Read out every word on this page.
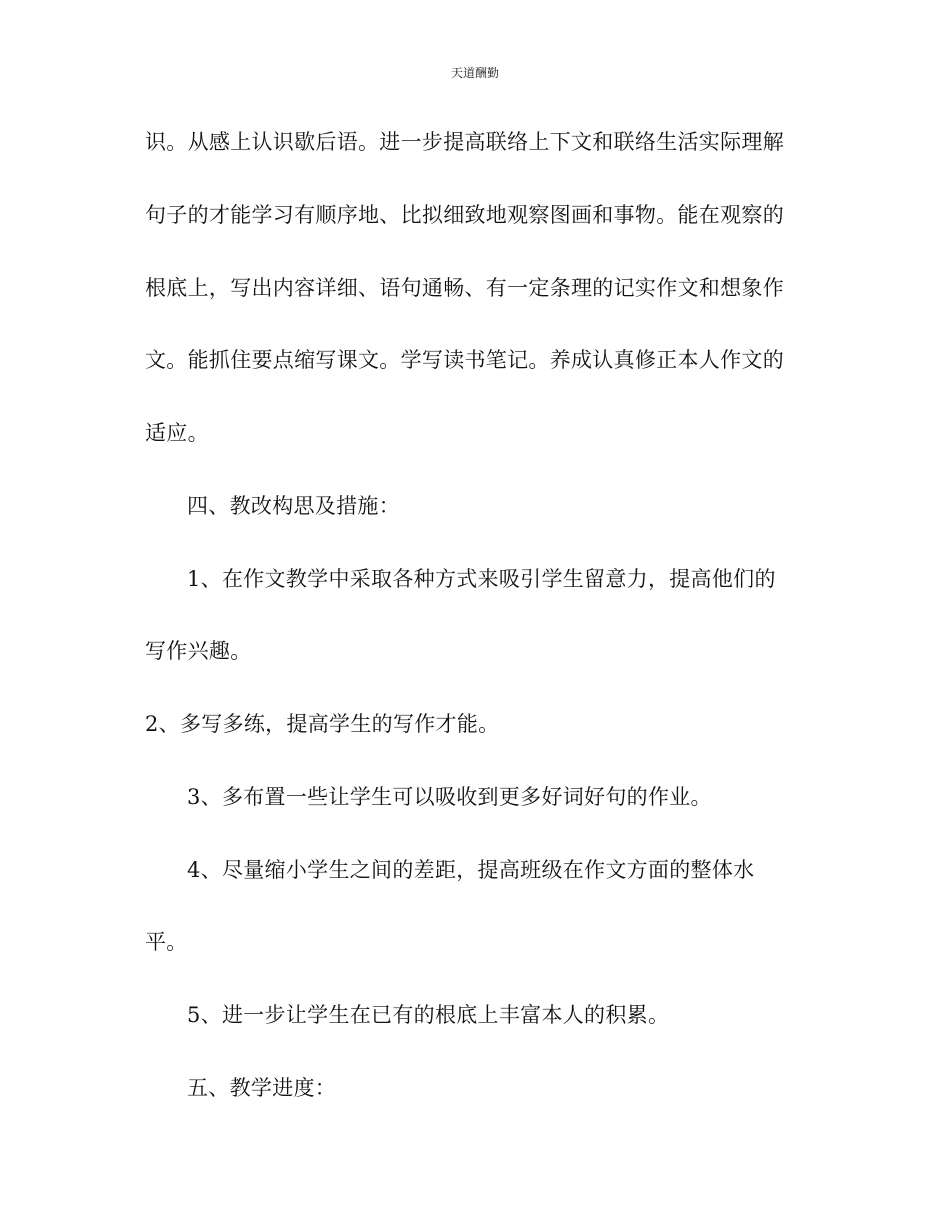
天道酬勤
识。从感上认识歇后语。进一步提高联络上下文和联络生活实际理解
句子的才能学习有顺序地、比拟细致地观察图画和事物。能在观察的
根底上，写出内容详细、语句通畅、有一定条理的记实作文和想象作
文。能抓住要点缩写课文。学写读书笔记。养成认真修正本人作文的
适应。
四、教改构思及措施：
1、在作文教学中采取各种方式来吸引学生留意力，提高他们的
写作兴趣。
2、多写多练，提高学生的写作才能。
3、多布置一些让学生可以吸收到更多好词好句的作业。
4、尽量缩小学生之间的差距，提高班级在作文方面的整体水
平。
5、进一步让学生在已有的根底上丰富本人的积累。
五、教学进度：
